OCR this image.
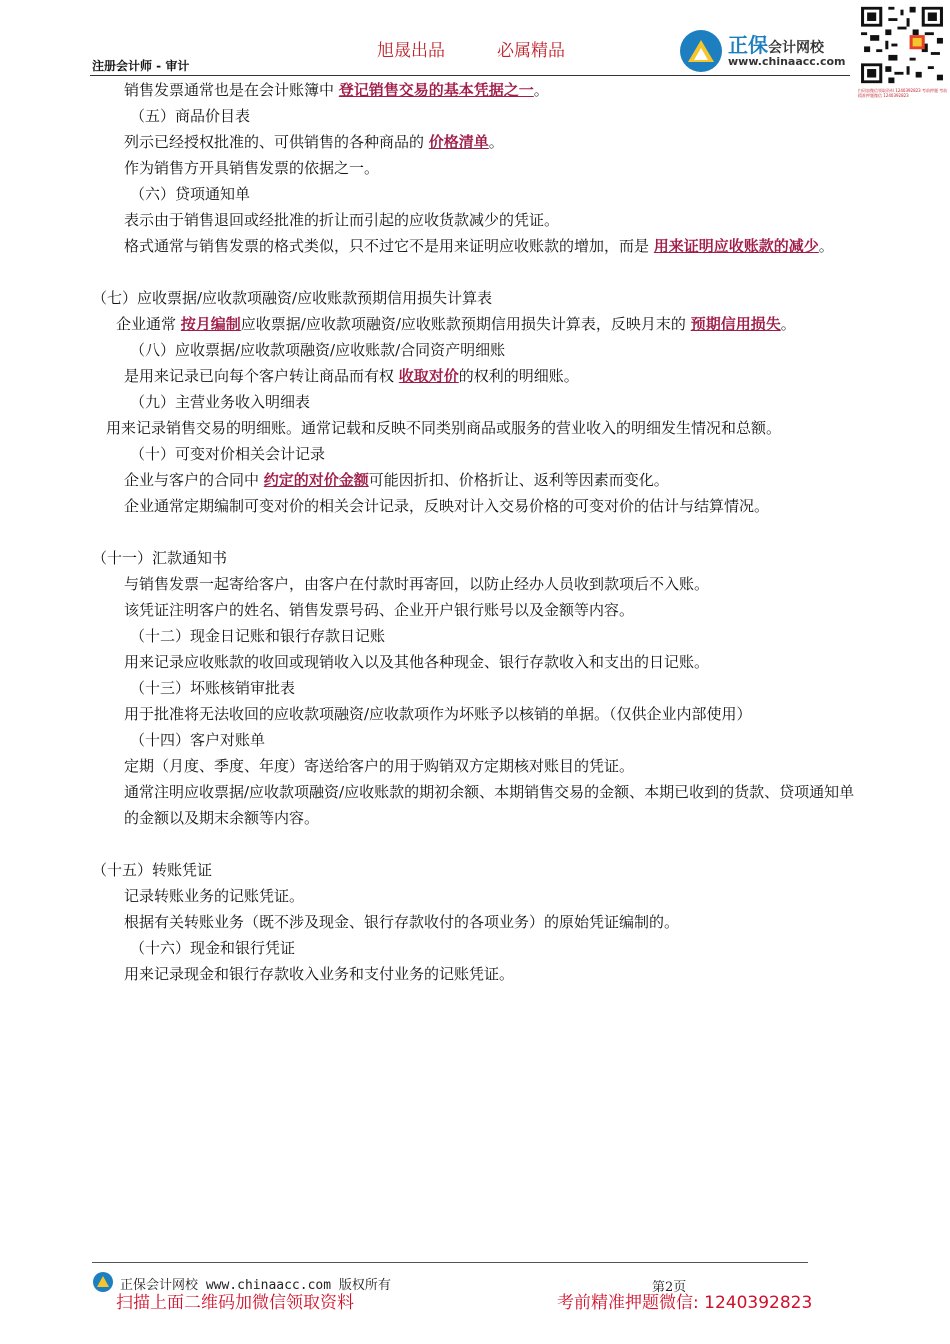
注册会计师 - 审计
旭晟出品	必属精品	正保会计网校
www.chinaacc.com
扫码加微信领取资料 1240392823 考前押题 考前精准押题微信 1240392823

销售发票通常也是在会计账簿中 登记销售交易的基本凭据之一。

（五）商品价目表

列示已经授权批准的、可供销售的各种商品的 价格清单。

作为销售方开具销售发票的依据之一。

（六）贷项通知单

表示由于销售退回或经批准的折让而引起的应收货款减少的凭证。

格式通常与销售发票的格式类似，只不过它不是用来证明应收账款的增加，而是 用来证明应收账款的减少。

（七）应收票据/应收款项融资/应收账款预期信用损失计算表

企业通常 按月编制应收票据/应收款项融资/应收账款预期信用损失计算表，反映月末的 预期信用损失。

（八）应收票据/应收款项融资/应收账款/合同资产明细账

是用来记录已向每个客户转让商品而有权 收取对价的权利的明细账。

（九）主营业务收入明细表

用来记录销售交易的明细账。通常记载和反映不同类别商品或服务的营业收入的明细发生情况和总额。

（十）可变对价相关会计记录

企业与客户的合同中 约定的对价金额可能因折扣、价格折让、返利等因素而变化。

企业通常定期编制可变对价的相关会计记录，反映对计入交易价格的可变对价的估计与结算情况。

（十一）汇款通知书

与销售发票一起寄给客户，由客户在付款时再寄回，以防止经办人员收到款项后不入账。

该凭证注明客户的姓名、销售发票号码、企业开户银行账号以及金额等内容。

（十二）现金日记账和银行存款日记账

用来记录应收账款的收回或现销收入以及其他各种现金、银行存款收入和支出的日记账。

（十三）坏账核销审批表

用于批准将无法收回的应收款项融资/应收款项作为坏账予以核销的单据。（仅供企业内部使用）

（十四）客户对账单

定期（月度、季度、年度）寄送给客户的用于购销双方定期核对账目的凭证。

通常注明应收票据/应收款项融资/应收账款的期初余额、本期销售交易的金额、本期已收到的货款、贷项通知单的金额以及期末余额等内容。

（十五）转账凭证

记录转账业务的记账凭证。

根据有关转账业务（既不涉及现金、银行存款收付的各项业务）的原始凭证编制的。

（十六）现金和银行凭证

用来记录现金和银行存款收入业务和支付业务的记账凭证。

正保会计网校 www.chinaacc.com 版权所有	第2页
扫描上面二维码加微信领取资料	考前精准押题微信: 1240392823
